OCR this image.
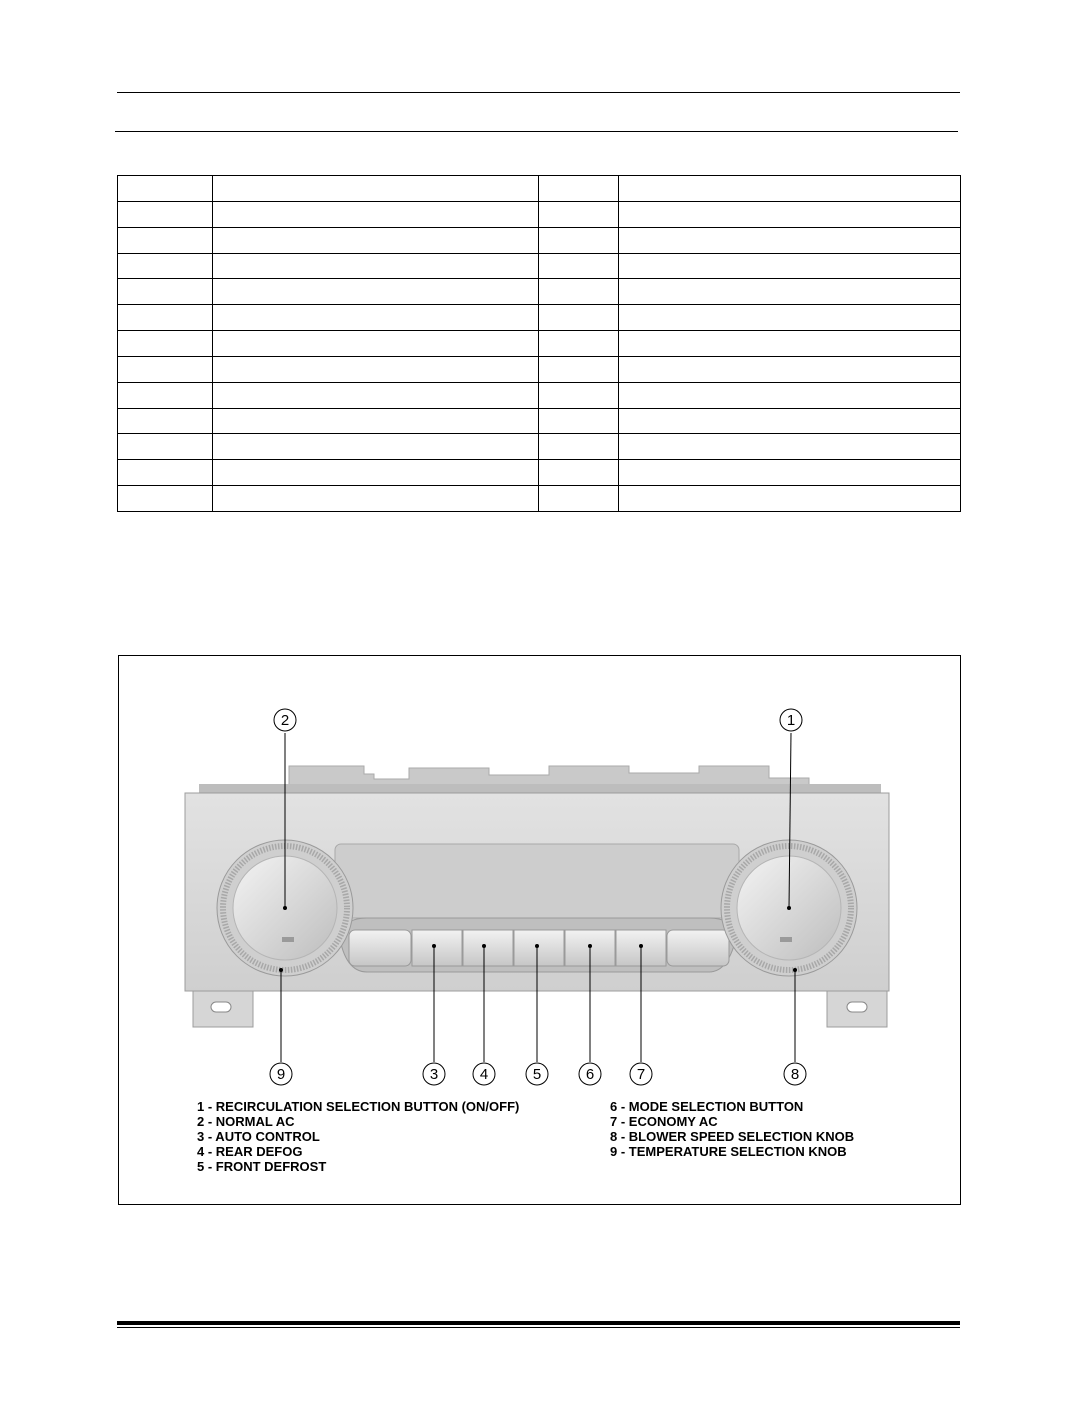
1
2
3	4	5	6	7	8
9
1 - RECIRCULATION SELECTION BUTTON (ON/OFF)
2 - NORMAL AC
3 - AUTO CONTROL
4 - REAR DEFOG
5 - FRONT DEFROST
6 - MODE SELECTION BUTTON
7 - ECONOMY AC
8 - BLOWER SPEED SELECTION KNOB
9 - TEMPERATURE SELECTION KNOB
